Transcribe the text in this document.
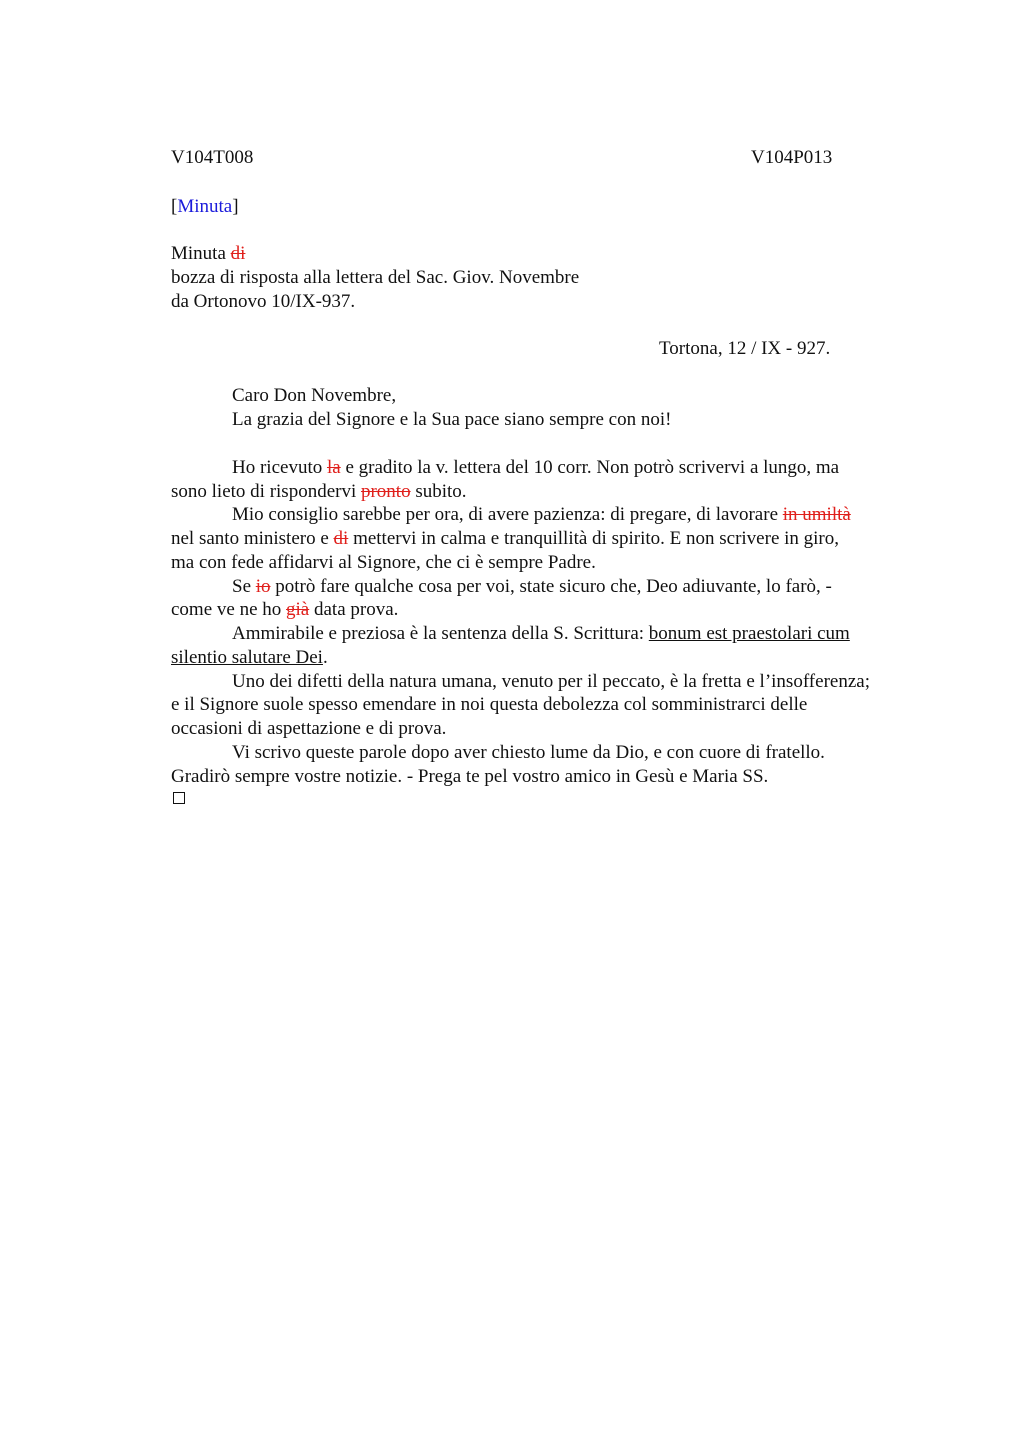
V104T008	V104P013
[Minuta]
Minuta di
bozza di risposta alla lettera del Sac. Giov. Novembre
da Ortonovo 10/IX-937.
Tortona, 12 / IX - 927.
Caro Don Novembre,
La grazia del Signore e la Sua pace siano sempre con noi!
Ho ricevuto la e gradito la v. lettera del 10 corr. Non potrò scrivervi a lungo, ma
sono lieto di rispondervi pronto subito.
Mio consiglio sarebbe per ora, di avere pazienza: di pregare, di lavorare in umiltà
nel santo ministero e di mettervi in calma e tranquillità di spirito. E non scrivere in giro,
ma con fede affidarvi al Signore, che ci è sempre Padre.
Se io potrò fare qualche cosa per voi, state sicuro che, Deo adiuvante, lo farò, -
come ve ne ho già data prova.
Ammirabile e preziosa è la sentenza della S. Scrittura: bonum est praestolari cum
silentio salutare Dei.
Uno dei difetti della natura umana, venuto per il peccato, è la fretta e l’insofferenza;
e il Signore suole spesso emendare in noi questa debolezza col somministrarci delle
occasioni di aspettazione e di prova.
Vi scrivo queste parole dopo aver chiesto lume da Dio, e con cuore di fratello.
Gradirò sempre vostre notizie. - Prega te pel vostro amico in Gesù e Maria SS.
